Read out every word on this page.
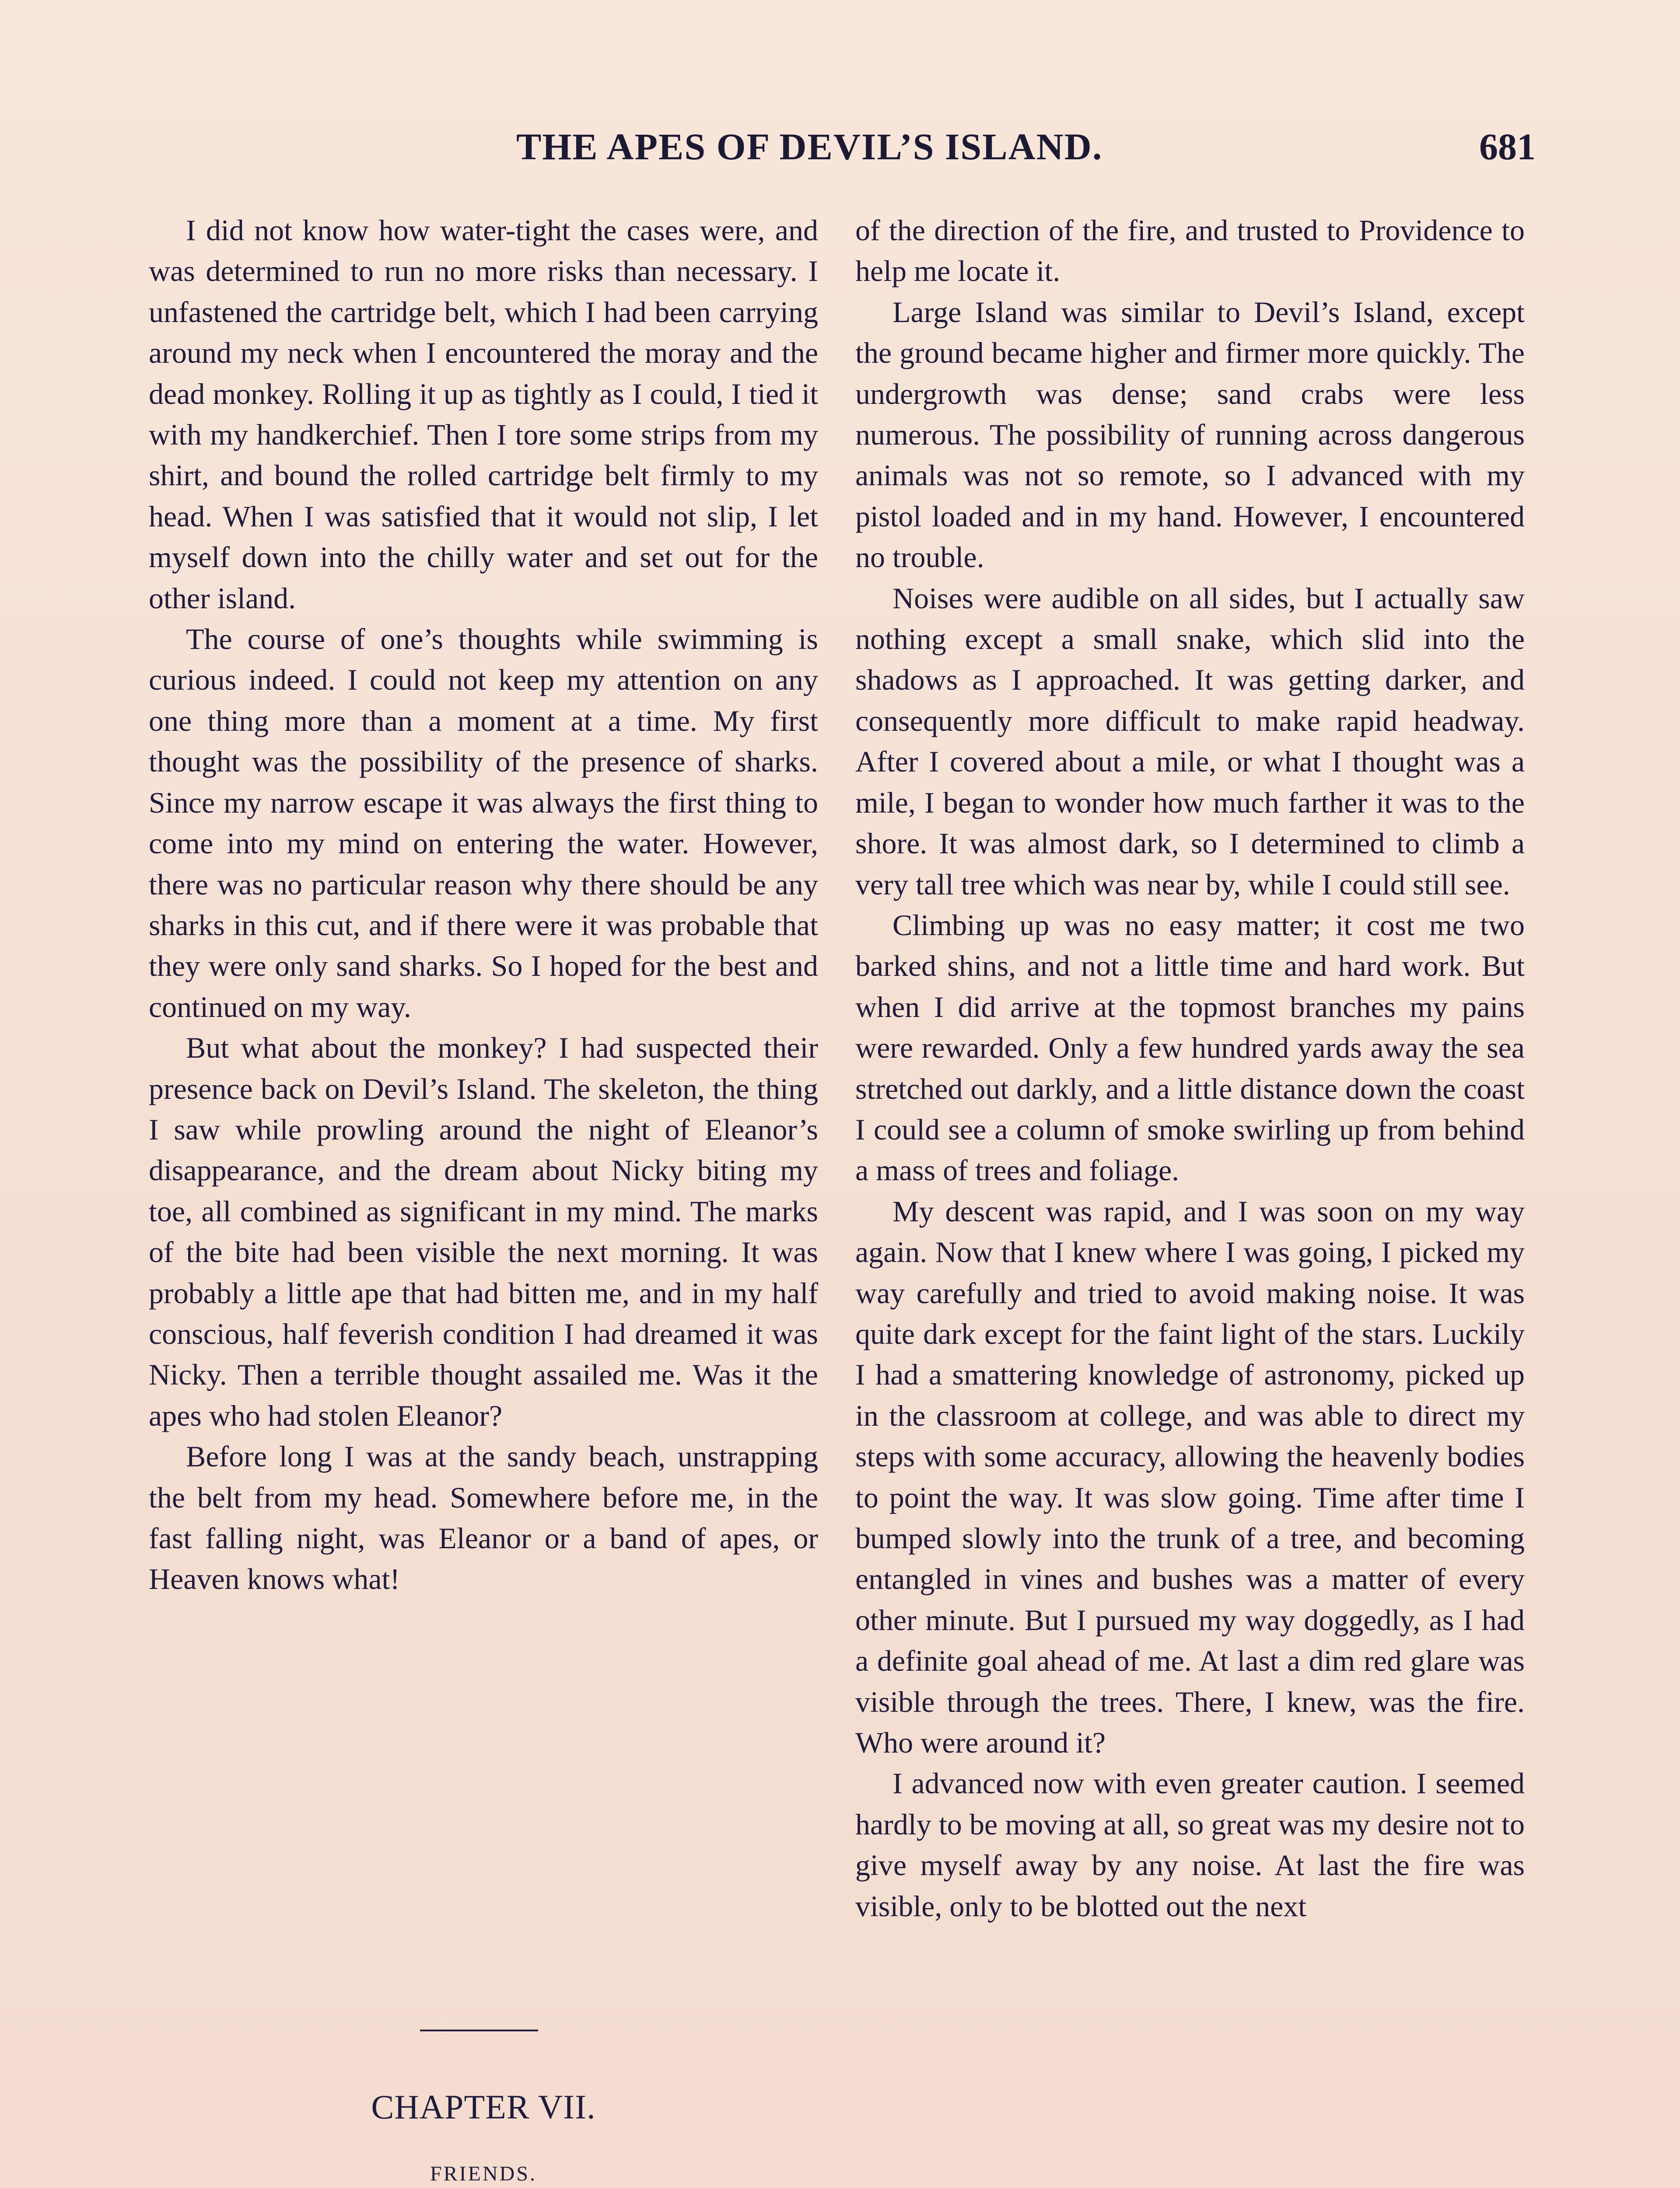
THE APES OF DEVIL’S ISLAND.	681

I did not know how water-tight the cases were, and was determined to run no more risks than necessary. I unfastened the cartridge belt, which I had been carrying around my neck when I encountered the moray and the dead monkey. Rolling it up as tightly as I could, I tied it with my handkerchief. Then I tore some strips from my shirt, and bound the rolled cartridge belt firmly to my head. When I was satisfied that it would not slip, I let myself down into the chilly water and set out for the other island.

The course of one’s thoughts while swimming is curious indeed. I could not keep my attention on any one thing more than a moment at a time. My first thought was the possibility of the presence of sharks. Since my narrow escape it was always the first thing to come into my mind on entering the water. However, there was no particular reason why there should be any sharks in this cut, and if there were it was probable that they were only sand sharks. So I hoped for the best and continued on my way.

But what about the monkey? I had suspected their presence back on Devil’s Island. The skeleton, the thing I saw while prowling around the night of Eleanor’s disappearance, and the dream about Nicky biting my toe, all combined as significant in my mind. The marks of the bite had been visible the next morning. It was probably a little ape that had bitten me, and in my half conscious, half feverish condition I had dreamed it was Nicky. Then a terrible thought assailed me. Was it the apes who had stolen Eleanor?

Before long I was at the sandy beach, unstrapping the belt from my head. Somewhere before me, in the fast falling night, was Eleanor or a band of apes, or Heaven knows what!

CHAPTER VII.
FRIENDS.

of the direction of the fire, and trusted to Providence to help me locate it.

Large Island was similar to Devil’s Island, except the ground became higher and firmer more quickly. The undergrowth was dense; sand crabs were less numerous. The possibility of running across dangerous animals was not so remote, so I advanced with my pistol loaded and in my hand. However, I encountered no trouble.

Noises were audible on all sides, but I actually saw nothing except a small snake, which slid into the shadows as I approached. It was getting darker, and consequently more difficult to make rapid headway. After I covered about a mile, or what I thought was a mile, I began to wonder how much farther it was to the shore. It was almost dark, so I determined to climb a very tall tree which was near by, while I could still see.

Climbing up was no easy matter; it cost me two barked shins, and not a little time and hard work. But when I did arrive at the topmost branches my pains were rewarded. Only a few hundred yards away the sea stretched out darkly, and a little distance down the coast I could see a column of smoke swirling up from behind a mass of trees and foliage.

My descent was rapid, and I was soon on my way again. Now that I knew where I was going, I picked my way carefully and tried to avoid making noise. It was quite dark except for the faint light of the stars. Luckily I had a smattering knowledge of astronomy, picked up in the classroom at college, and was able to direct my steps with some accuracy, allowing the heavenly bodies to point the way. It was slow going. Time after time I bumped slowly into the trunk of a tree, and becoming entangled in vines and bushes was a matter of every other minute. But I pursued my way doggedly, as I had a definite goal ahead of me. At last a dim red glare was visible through the trees. There, I knew, was the fire. Who were around it?

I advanced now with even greater caution. I seemed hardly to be moving at all, so great was my desire not to give myself away by any noise. At last the fire was visible, only to be blotted out the next
